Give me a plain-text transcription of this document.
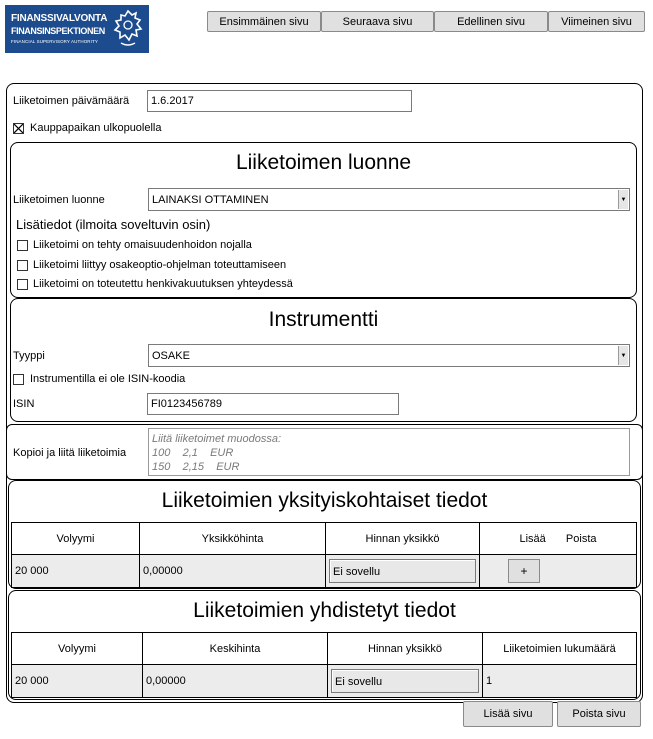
FINANSSIVALVONTA
FINANSINSPEKTIONEN
FINANCIAL SUPERVISORY AUTHORITY
Ensimmäinen sivu	Seuraava sivu	Edellinen sivu	Viimeinen sivu
Liiketoimen päivämäärä	1.6.2017
Kauppapaikan ulkopuolella
Liiketoimen luonne
Liiketoimen luonne	LAINAKSI OTTAMINEN	▼
Lisätiedot (ilmoita soveltuvin osin)
Liiketoimi on tehty omaisuudenhoidon nojalla
Liiketoimi liittyy osakeoptio-ohjelman toteuttamiseen
Liiketoimi on toteutettu henkivakuutuksen yhteydessä
Instrumentti
Tyyppi	OSAKE	▼
Instrumentilla ei ole ISIN-koodia
ISIN	FI0123456789
Kopioi ja liitä liiketoimia
Liitä liiketoimet muodossa:
100    2,1    EUR
150    2,15    EUR
Liiketoimien yksityiskohtaiset tiedot
Volyymi	Yksikköhinta	Hinnan yksikkö	Lisää Poista
20 000	0,00000	Ei sovellu	+
Liiketoimien yhdistetyt tiedot
Volyymi	Keskihinta	Hinnan yksikkö	Liiketoimien lukumäärä
20 000	0,00000	Ei sovellu	1
Lisää sivu	Poista sivu
